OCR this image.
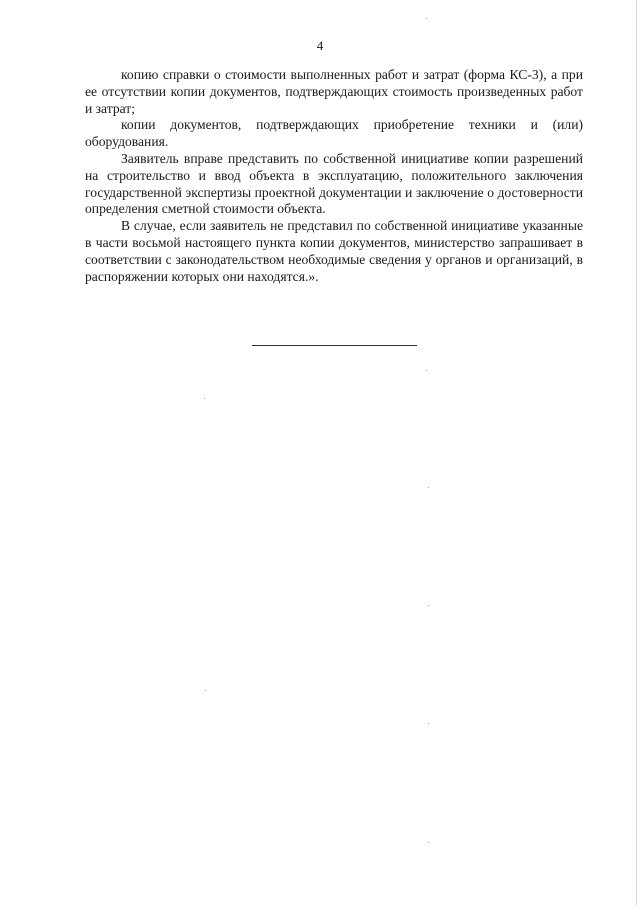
4

копию справки о стоимости выполненных работ и затрат (форма КС-3), а при ее отсутствии копии документов, подтверждающих стоимость произведенных работ и затрат;

копии документов, подтверждающих приобретение техники и (или) оборудования.

Заявитель вправе представить по собственной инициативе копии разрешений на строительство и ввод объекта в эксплуатацию, положительного заключения государственной экспертизы проектной документации и заключение о достоверности определения сметной стоимости объекта.

В случае, если заявитель не представил по собственной инициативе указанные в части восьмой настоящего пункта копии документов, министерство запрашивает в соответствии с законодательством необходимые сведения у органов и организаций, в распоряжении которых они находятся.».
